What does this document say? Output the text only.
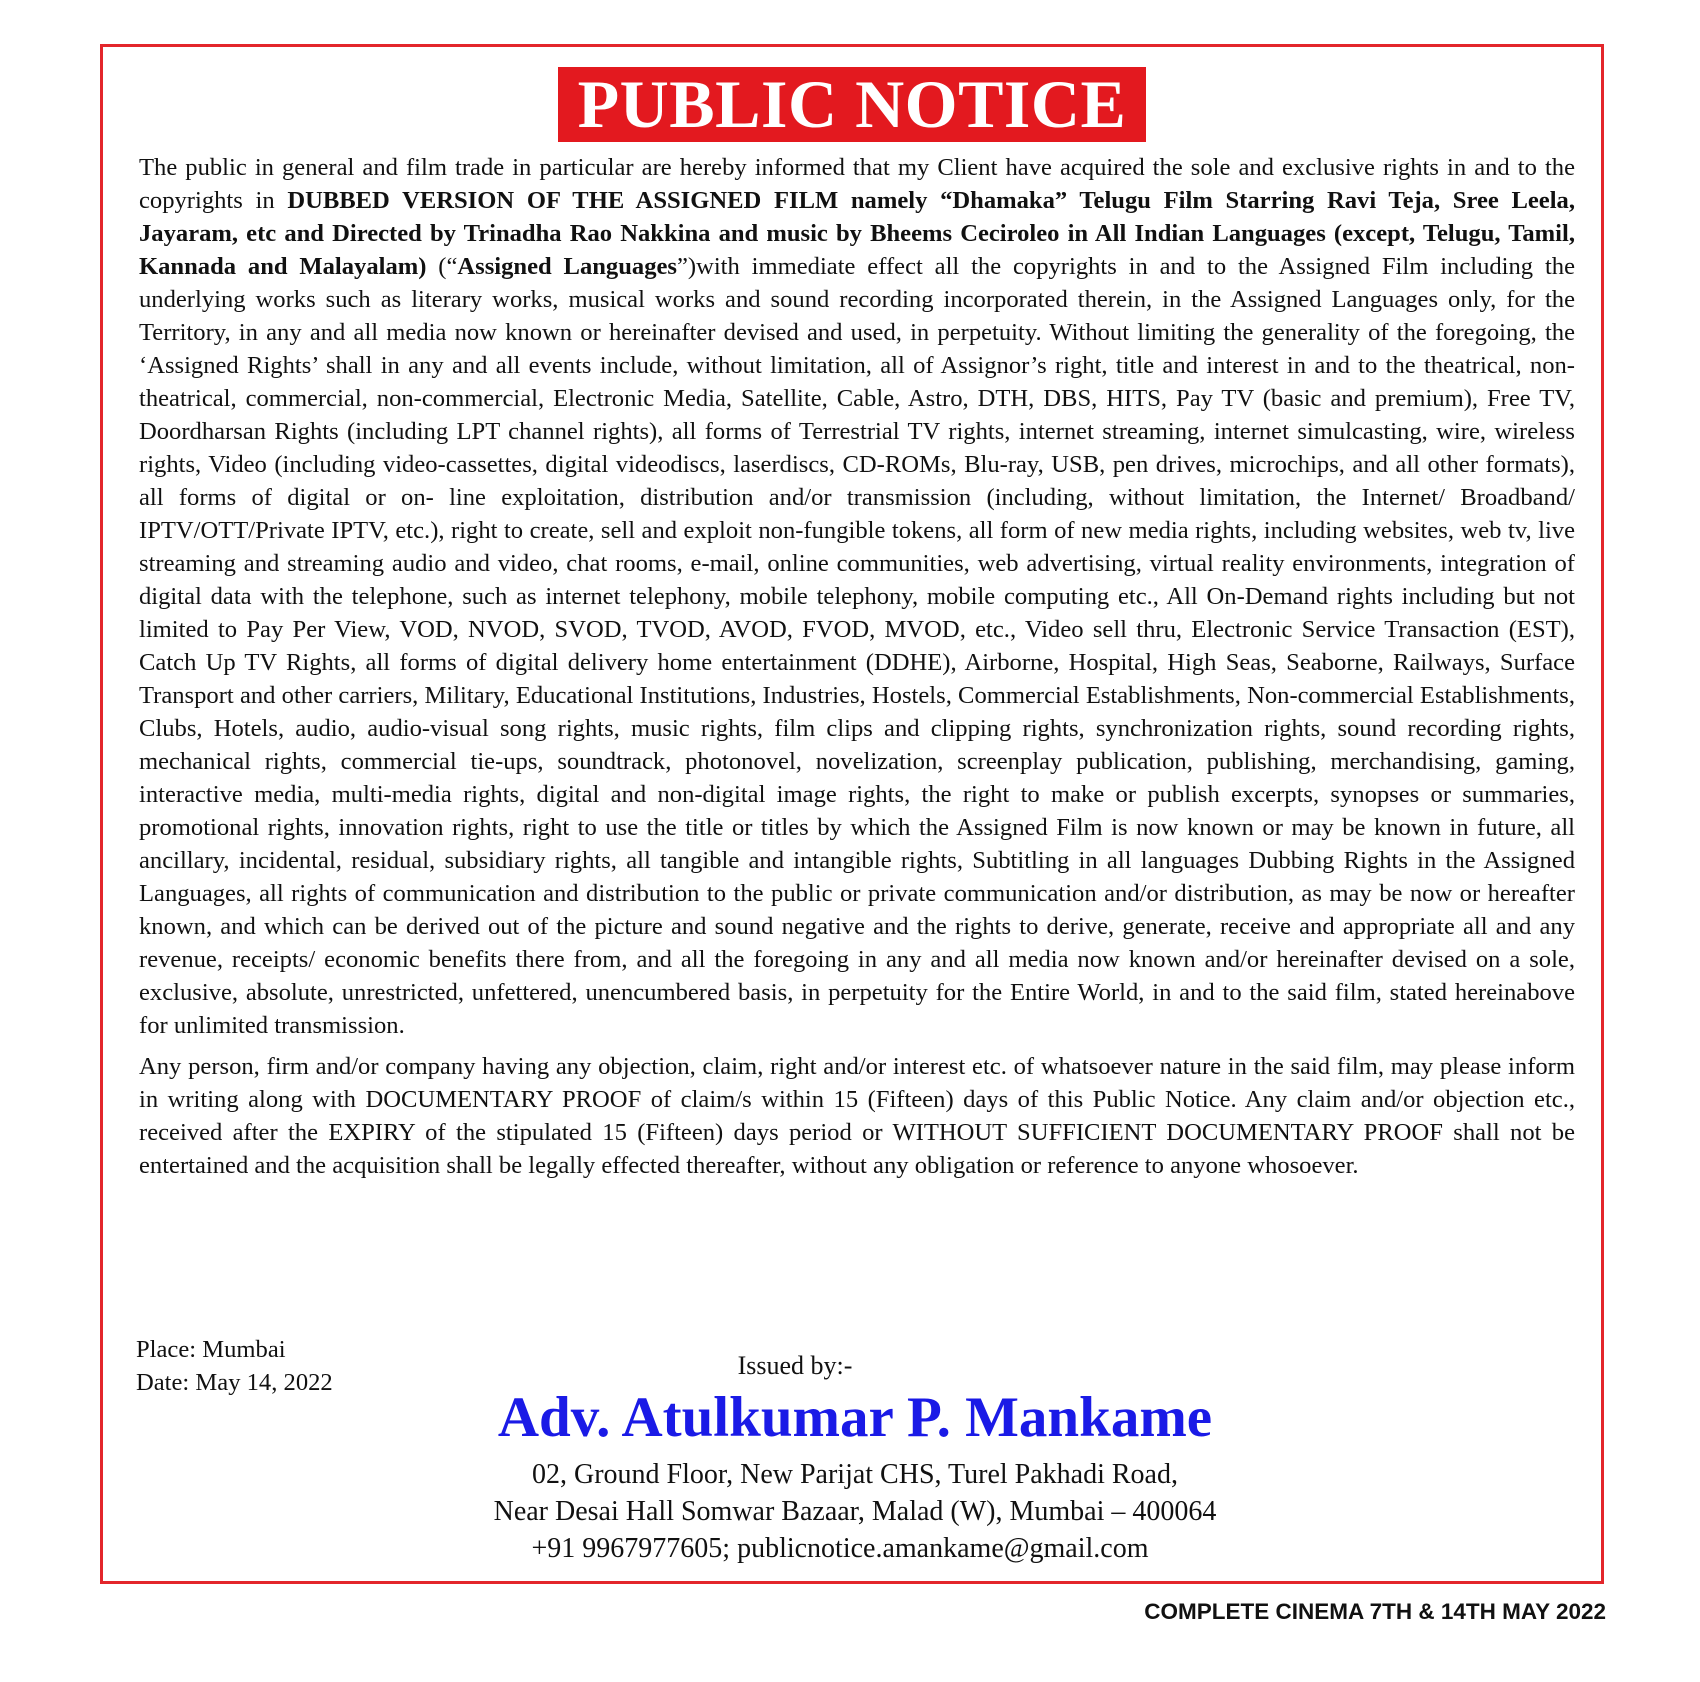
PUBLIC NOTICE

The public in general and film trade in particular are hereby informed that my Client have acquired the sole and exclusive rights in and to the copyrights in DUBBED VERSION OF THE ASSIGNED FILM namely “Dhamaka” Telugu Film Starring Ravi Teja, Sree Leela, Jayaram, etc and Directed by Trinadha Rao Nakkina and music by Bheems Ceciroleo in All Indian Languages (except, Telugu, Tamil, Kannada and Malayalam) (“Assigned Languages”)with immediate effect all the copyrights in and to the Assigned Film including the underlying works such as literary works, musical works and sound recording incorporated therein, in the Assigned Languages only, for the Territory, in any and all media now known or hereinafter devised and used, in perpetuity. Without limiting the generality of the foregoing, the ‘Assigned Rights’ shall in any and all events include, without limitation, all of Assignor’s right, title and interest in and to the theatrical, non-theatrical, commercial, non-commercial, Electronic Media, Satellite, Cable, Astro, DTH, DBS, HITS, Pay TV (basic and premium), Free TV, Doordharsan Rights (including LPT channel rights), all forms of Terrestrial TV rights, internet streaming, internet simulcasting, wire, wireless rights, Video (including video-cassettes, digital videodiscs, laserdiscs, CD-ROMs, Blu-ray, USB, pen drives, microchips, and all other formats), all forms of digital or on- line exploitation, distribution and/or transmission (including, without limitation, the Internet/ Broadband/ IPTV/OTT/Private IPTV, etc.), right to create, sell and exploit non-fungible tokens, all form of new media rights, including websites, web tv, live streaming and streaming audio and video, chat rooms, e-mail, online communities, web advertising, virtual reality environments, integration of digital data with the telephone, such as internet telephony, mobile telephony, mobile computing etc., All On-Demand rights including but not limited to Pay Per View, VOD, NVOD, SVOD, TVOD, AVOD, FVOD, MVOD, etc., Video sell thru, Electronic Service Transaction (EST), Catch Up TV Rights, all forms of digital delivery home entertainment (DDHE), Airborne, Hospital, High Seas, Seaborne, Railways, Surface Transport and other carriers, Military, Educational Institutions, Industries, Hostels, Commercial Establishments, Non-commercial Establishments, Clubs, Hotels, audio, audio-visual song rights, music rights, film clips and clipping rights, synchronization rights, sound recording rights, mechanical rights, commercial tie-ups, soundtrack, photonovel, novelization, screenplay publication, publishing, merchandising, gaming, interactive media, multi-media rights, digital and non-digital image rights, the right to make or publish excerpts, synopses or summaries, promotional rights, innovation rights, right to use the title or titles by which the Assigned Film is now known or may be known in future, all ancillary, incidental, residual, subsidiary rights, all tangible and intangible rights, Subtitling in all languages Dubbing Rights in the Assigned Languages, all rights of communication and distribution to the public or private communication and/or distribution, as may be now or hereafter known, and which can be derived out of the picture and sound negative and the rights to derive, generate, receive and appropriate all and any revenue, receipts/ economic benefits there from, and all the foregoing in any and all media now known and/or hereinafter devised on a sole, exclusive, absolute, unrestricted, unfettered, unencumbered basis, in perpetuity for the Entire World, in and to the said film, stated hereinabove for unlimited transmission.

Any person, firm and/or company having any objection, claim, right and/or interest etc. of whatsoever nature in the said film, may please inform in writing along with DOCUMENTARY PROOF of claim/s within 15 (Fifteen) days of this Public Notice. Any claim and/or objection etc., received after the EXPIRY of the stipulated 15 (Fifteen) days period or WITHOUT SUFFICIENT DOCUMENTARY PROOF shall not be entertained and the acquisition shall be legally effected thereafter, without any obligation or reference to anyone whosoever.

Place: Mumbai
Date: May 14, 2022
Issued by:-
Adv. Atulkumar P. Mankame
02, Ground Floor, New Parijat CHS, Turel Pakhadi Road,
Near Desai Hall Somwar Bazaar, Malad (W), Mumbai – 400064
+91 9967977605; publicnotice.amankame@gmail.com
COMPLETE CINEMA 7TH & 14TH MAY 2022
